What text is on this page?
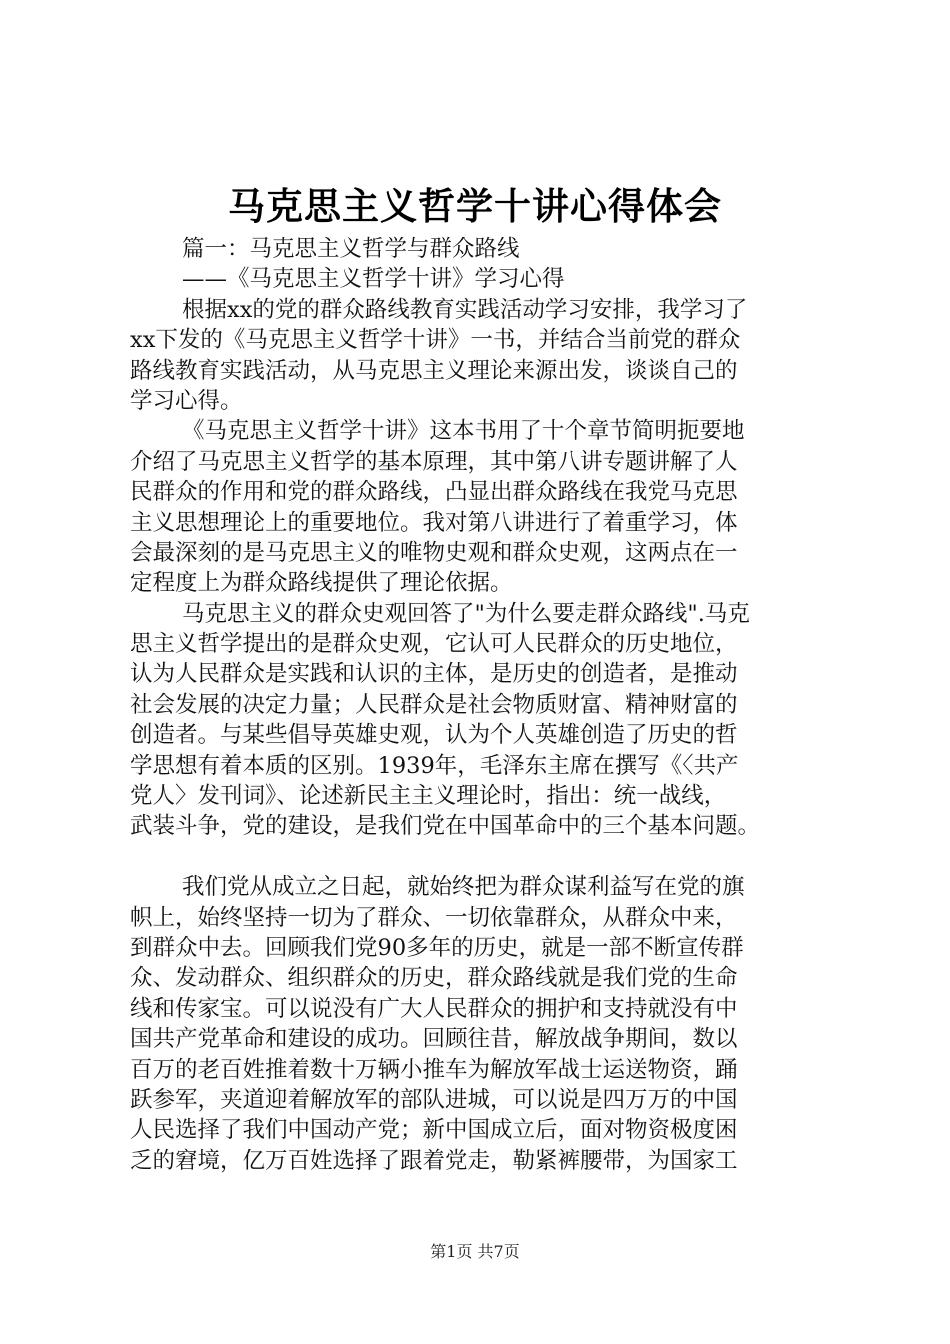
马克思主义哲学十讲心得体会
篇一：马克思主义哲学与群众路线
——《马克思主义哲学十讲》学习心得
根据xx的党的群众路线教育实践活动学习安排，我学习了
xx下发的《马克思主义哲学十讲》一书，并结合当前党的群众
路线教育实践活动，从马克思主义理论来源出发，谈谈自己的
学习心得。
《马克思主义哲学十讲》这本书用了十个章节简明扼要地
介绍了马克思主义哲学的基本原理，其中第八讲专题讲解了人
民群众的作用和党的群众路线，凸显出群众路线在我党马克思
主义思想理论上的重要地位。我对第八讲进行了着重学习，体
会最深刻的是马克思主义的唯物史观和群众史观，这两点在一
定程度上为群众路线提供了理论依据。
马克思主义的群众史观回答了"为什么要走群众路线".马克
思主义哲学提出的是群众史观，它认可人民群众的历史地位，
认为人民群众是实践和认识的主体，是历史的创造者，是推动
社会发展的决定力量；人民群众是社会物质财富、精神财富的
创造者。与某些倡导英雄史观，认为个人英雄创造了历史的哲
学思想有着本质的区别。1939年，毛泽东主席在撰写《〈共产
党人〉发刊词》、论述新民主主义理论时，指出：统一战线，
武装斗争，党的建设，是我们党在中国革命中的三个基本问题。
我们党从成立之日起，就始终把为群众谋利益写在党的旗
帜上，始终坚持一切为了群众、一切依靠群众，从群众中来，
到群众中去。回顾我们党90多年的历史，就是一部不断宣传群
众、发动群众、组织群众的历史，群众路线就是我们党的生命
线和传家宝。可以说没有广大人民群众的拥护和支持就没有中
国共产党革命和建设的成功。回顾往昔，解放战争期间，数以
百万的老百姓推着数十万辆小推车为解放军战士运送物资，踊
跃参军，夹道迎着解放军的部队进城，可以说是四万万的中国
人民选择了我们中国动产党；新中国成立后，面对物资极度困
乏的窘境，亿万百姓选择了跟着党走，勒紧裤腰带，为国家工
第1页 共7页
